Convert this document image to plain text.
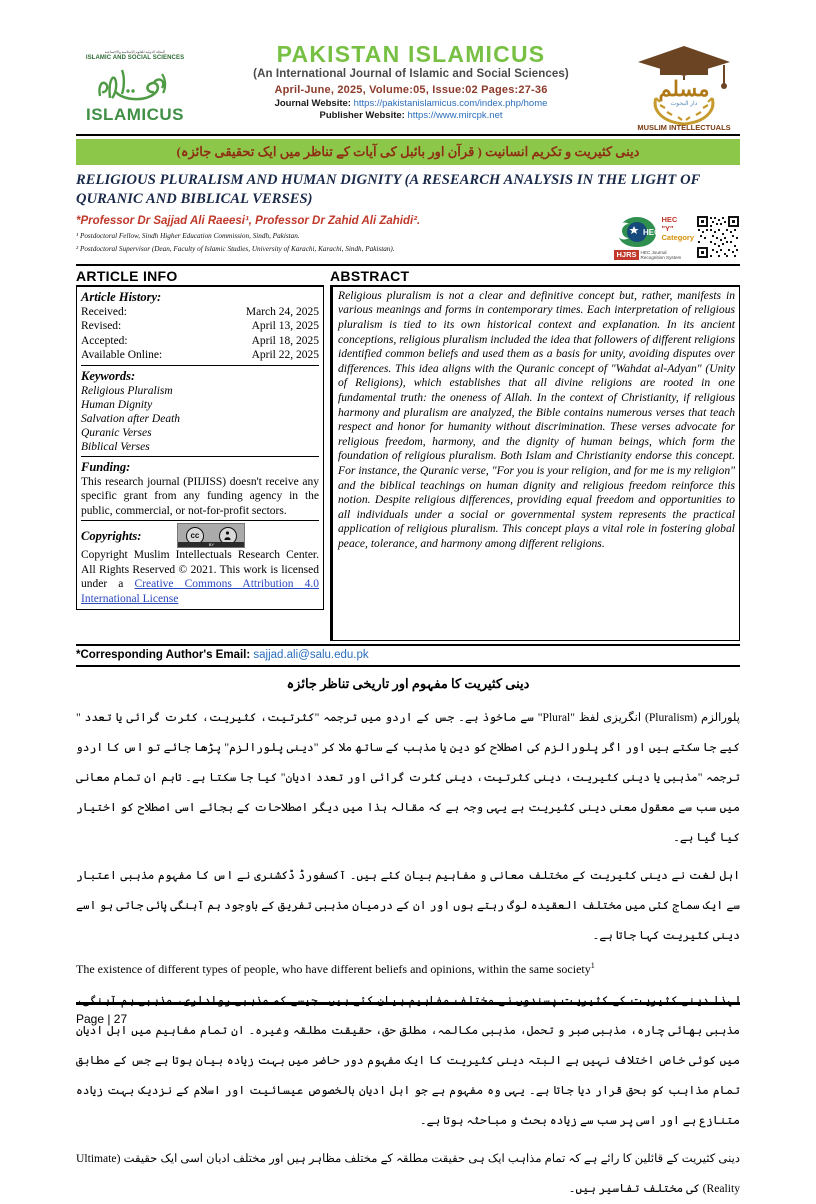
المجلة الدولية للعلوم الإسلامية والاجتماعية
ISLAMIC AND SOCIAL SCIENCES
ISLAMICUS
PAKISTAN ISLAMICUS
(An International Journal of Islamic and Social Sciences)
April-June, 2025, Volume:05, Issue:02 Pages:27-36
Journal Website: https://pakistanislamicus.com/index.php/home
Publisher Website: https://www.mircpk.net
مسلم
دار البحوث
MUSLIM INTELLECTUALS
دینی کثیریت و تکریم انسانیت ( قرآن اور بائبل کی آیات کے تناظر میں ایک تحقیقی جائزہ)
RELIGIOUS PLURALISM AND HUMAN DIGNITY (A RESEARCH ANALYSIS IN THE LIGHT OF QURANIC AND BIBLICAL VERSES)
*Professor Dr Sajjad Ali Raeesi¹, Professor Dr Zahid Ali Zahidi².
¹ Postdoctoral Fellow, Sindh Higher Education Commission, Sindh, Pakistan.
² Postdoctoral Supervisor (Dean, Faculty of Islamic Studies, University of Karachi, Karachi, Sindh, Pakistan).
HEC
HEC
"Y"
Category
HJRS HEC Journal
Recognition System
ARTICLE INFO
Article History:
Received:	March 24, 2025
Revised:	April 13, 2025
Accepted:	April 18, 2025
Available Online:	April 22, 2025
Keywords:
Religious Pluralism
Human Dignity
Salvation after Death
Quranic Verses
Biblical Verses
Funding:
This research journal (PIIJISS) doesn't receive any specific grant from any funding agency in the public, commercial, or not-for-profit sectors.
Copyrights:	cc
BY
Copyright Muslim Intellectuals Research Center. All Rights Reserved © 2021. This work is licensed under a Creative Commons Attribution 4.0 International License
ABSTRACT
Religious pluralism is not a clear and definitive concept but, rather, manifests in various meanings and forms in contemporary times. Each interpretation of religious pluralism is tied to its own historical context and explanation. In its ancient conceptions, religious pluralism included the idea that followers of different religions identified common beliefs and used them as a basis for unity, avoiding disputes over differences. This idea aligns with the Quranic concept of "Wahdat al-Adyan" (Unity of Religions), which establishes that all divine religions are rooted in one fundamental truth: the oneness of Allah. In the context of Christianity, if religious harmony and pluralism are analyzed, the Bible contains numerous verses that teach respect and honor for humanity without discrimination. These verses advocate for religious freedom, harmony, and the dignity of human beings, which form the foundation of religious pluralism. Both Islam and Christianity endorse this concept. For instance, the Quranic verse, "For you is your religion, and for me is my religion" and the biblical teachings on human dignity and religious freedom reinforce this notion. Despite religious differences, providing equal freedom and opportunities to all individuals under a social or governmental system represents the practical application of religious pluralism. This concept plays a vital role in fostering global peace, tolerance, and harmony among different religions.
*Corresponding Author's Email: sajjad.ali@salu.edu.pk
دینی کثیریت کا مفہوم اور تاریخی تناظر جائزہ
پلورالزم (Pluralism) انگریزی لفظ "Plural" سے ماخوذ ہے۔ جس کے اردو میں ترجمہ "کثرتیت، کثیریت، کثرت گرائی یا تعدد " کیے جا سکتے ہیں اور اگر پلورالزم کی اصطلاح کو دین یا مذہب کے ساتھ ملا کر "دینی پلورالزم" پڑھا جائے تو اس کا اردو ترجمہ "مذہبی یا دینی کثیریت، دینی کثرتیت، دینی کثرت گرائی اور تعدد ادیان" کیا جا سکتا ہے۔ تاہم ان تمام معانی میں سب سے معقول معنی دینی کثیریت ہے یہی وجہ ہے کہ مقالہ ہذا میں دیگر اصطلاحات کے بجائے اسی اصطلاح کو اختیار کیا گیا ہے۔
اہل لغت نے دینی کثیریت کے مختلف معانی و مفاہیم بیان کئے ہیں۔ آکسفورڈ ڈکشنری نے اس کا مفہوم مذہبی اعتبار سے ایک سماج کئی میں مختلف العقیدہ لوگ رہتے ہوں اور ان کے درمیان مذہبی تفریق کے باوجود ہم آہنگی پائی جاتی ہو اسے دینی کثیریت کہا جاتا ہے۔
The existence of different types of people, who have different beliefs and opinions, within the same society$^1$
لہذا دینی کثیریت کے کثیریت پسندوں نے مختلف مفاہیم بیان کئے ہیں۔ جیسے کہ مذہبی رواداری، مذہبی ہم آہنگی، مذہبی بھائی چارہ، مذہبی صبر و تحمل، مذہبی مکالمہ، مطلق حق، حقیقت مطلقہ وغیرہ۔ ان تمام مفاہیم میں اہل ادیان میں کوئی خاص اختلاف نہیں ہے البتہ دینی کثیریت کا ایک مفہوم دور حاضر میں بہت زیادہ بیان ہوتا ہے جس کے مطابق تمام مذاہب کو بحق قرار دیا جاتا ہے۔ یہی وہ مفہوم ہے جو اہل ادیان بالخصوص عیسائیت اور اسلام کے نزدیک بہت زیادہ متنازع ہے اور اسی پر سب سے زیادہ بحث و مباحثہ ہوتا ہے۔
دینی کثیریت کے قائلین کا رائے ہے کہ تمام مذاہب ایک ہی حقیقت مطلقہ کے مختلف مظاہر ہیں اور مختلف ادیان اسی ایک حقیقت (Ultimate Reality) کی مختلف تفاسیر ہیں۔
Page | 27
